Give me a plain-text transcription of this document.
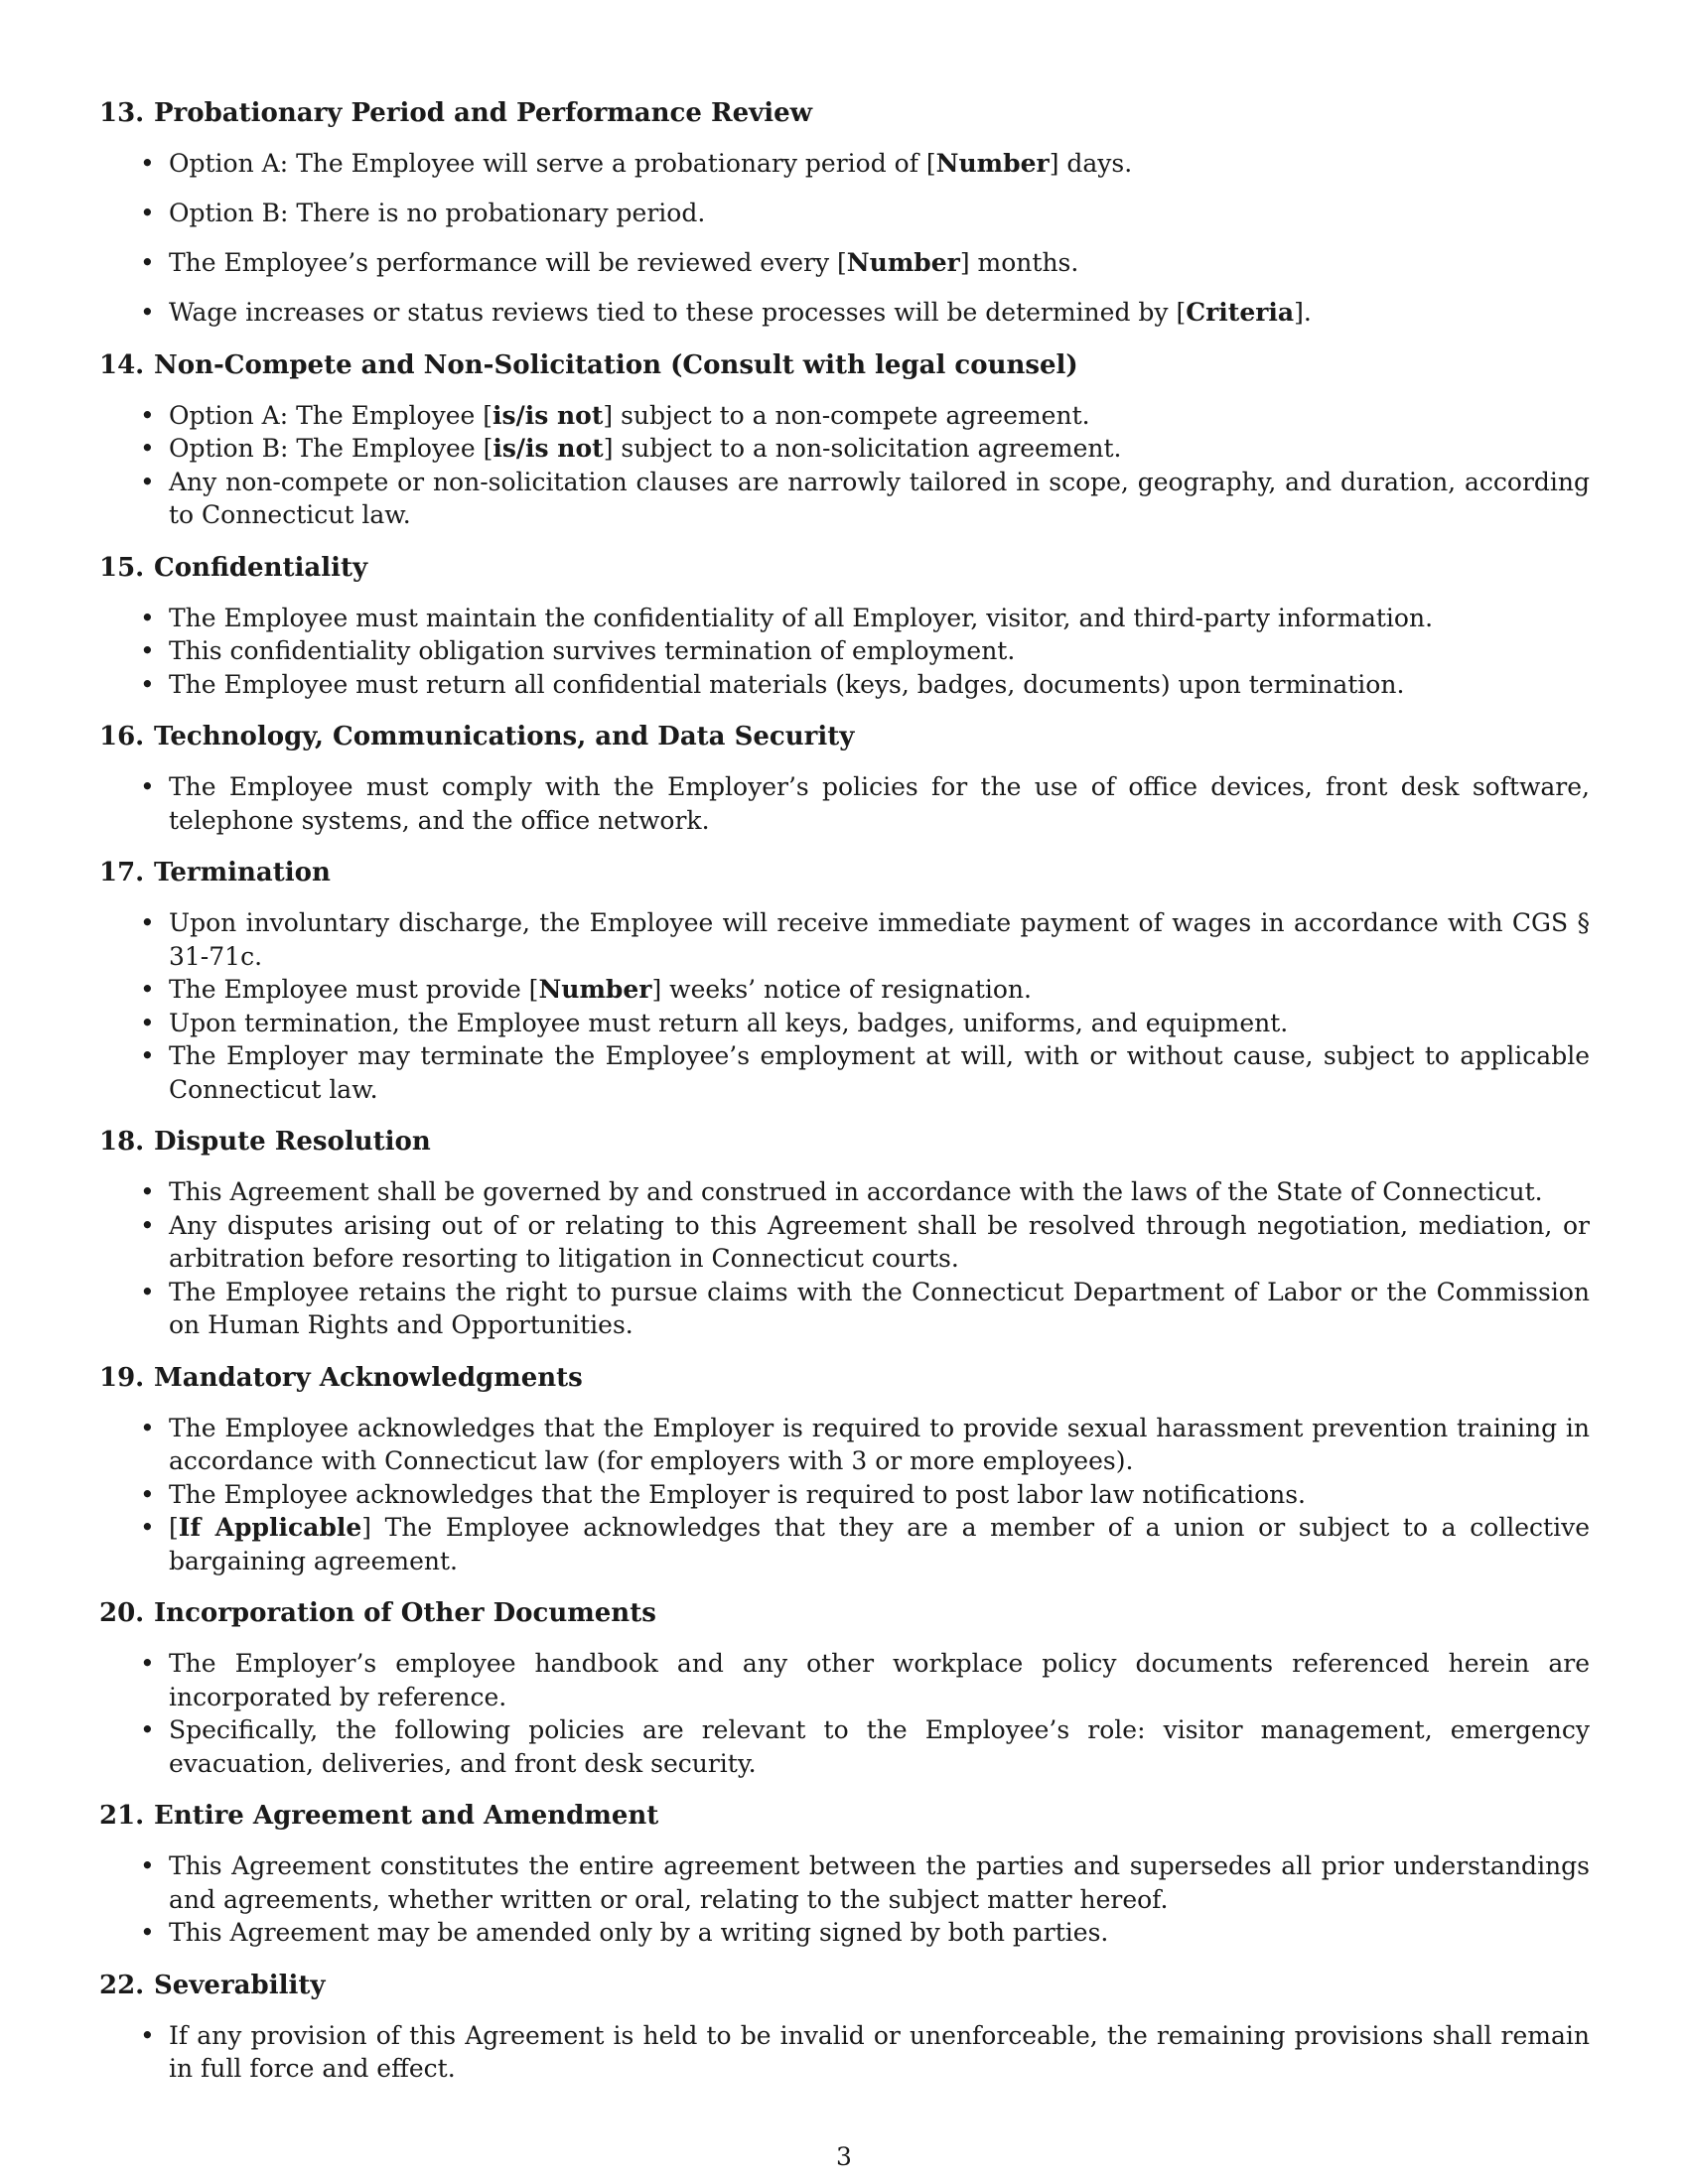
13. Probationary Period and Performance Review
• Option A: The Employee will serve a probationary period of [Number] days.
• Option B: There is no probationary period.
• The Employee’s performance will be reviewed every [Number] months.
• Wage increases or status reviews tied to these processes will be determined by [Criteria].
14. Non-Compete and Non-Solicitation (Consult with legal counsel)
• Option A: The Employee [is/is not] subject to a non-compete agreement.
• Option B: The Employee [is/is not] subject to a non-solicitation agreement.
• Any non-compete or non-solicitation clauses are narrowly tailored in scope, geography, and duration, according to Connecticut law.
15. Confidentiality
• The Employee must maintain the confidentiality of all Employer, visitor, and third-party information.
• This confidentiality obligation survives termination of employment.
• The Employee must return all confidential materials (keys, badges, documents) upon termination.
16. Technology, Communications, and Data Security
• The Employee must comply with the Employer’s policies for the use of office devices, front desk software, telephone systems, and the office network.
17. Termination
• Upon involuntary discharge, the Employee will receive immediate payment of wages in accordance with CGS § 31-71c.
• The Employee must provide [Number] weeks’ notice of resignation.
• Upon termination, the Employee must return all keys, badges, uniforms, and equipment.
• The Employer may terminate the Employee’s employment at will, with or without cause, subject to applicable Connecticut law.
18. Dispute Resolution
• This Agreement shall be governed by and construed in accordance with the laws of the State of Connecticut.
• Any disputes arising out of or relating to this Agreement shall be resolved through negotiation, mediation, or arbitration before resorting to litigation in Connecticut courts.
• The Employee retains the right to pursue claims with the Connecticut Department of Labor or the Commission on Human Rights and Opportunities.
19. Mandatory Acknowledgments
• The Employee acknowledges that the Employer is required to provide sexual harassment prevention training in accordance with Connecticut law (for employers with 3 or more employees).
• The Employee acknowledges that the Employer is required to post labor law notifications.
• [If Applicable] The Employee acknowledges that they are a member of a union or subject to a collective bargaining agreement.
20. Incorporation of Other Documents
• The Employer’s employee handbook and any other workplace policy documents referenced herein are incorporated by reference.
• Specifically, the following policies are relevant to the Employee’s role: visitor management, emergency evacuation, deliveries, and front desk security.
21. Entire Agreement and Amendment
• This Agreement constitutes the entire agreement between the parties and supersedes all prior understandings and agreements, whether written or oral, relating to the subject matter hereof.
• This Agreement may be amended only by a writing signed by both parties.
22. Severability
• If any provision of this Agreement is held to be invalid or unenforceable, the remaining provisions shall remain in full force and effect.
3
